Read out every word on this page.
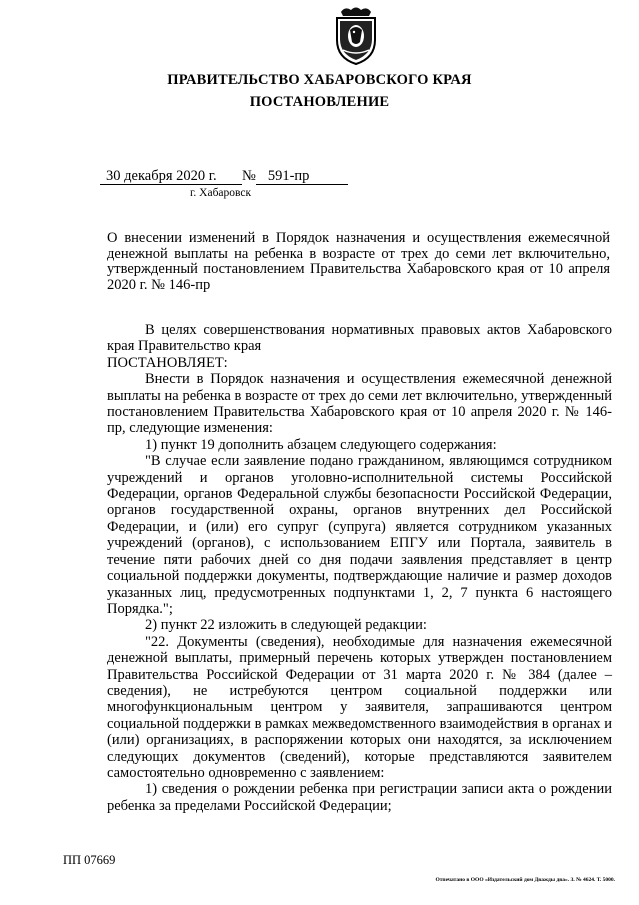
ПРАВИТЕЛЬСТВО ХАБАРОВСКОГО КРАЯ
ПОСТАНОВЛЕНИЕ
30 декабря 2020 г. № 591-пр
г. Хабаровск
О внесении изменений в Порядок назначения и осуществления ежемесячной денежной выплаты на ребенка в возрасте от трех до семи лет включительно, утвержденный постановлением Правительства Хабаровского края от 10 апреля 2020 г. № 146-пр

В целях совершенствования нормативных правовых актов Хабаровского края Правительство края

ПОСТАНОВЛЯЕТ:

Внести в Порядок назначения и осуществления ежемесячной денежной выплаты на ребенка в возрасте от трех до семи лет включительно, утвержденный постановлением Правительства Хабаровского края от 10 апреля 2020 г. № 146-пр, следующие изменения:

1) пункт 19 дополнить абзацем следующего содержания:

"В случае если заявление подано гражданином, являющимся сотрудником учреждений и органов уголовно-исполнительной системы Российской Федерации, органов Федеральной службы безопасности Российской Федерации, органов государственной охраны, органов внутренних дел Российской Федерации, и (или) его супруг (супруга) является сотрудником указанных учреждений (органов), с использованием ЕПГУ или Портала, заявитель в течение пяти рабочих дней со дня подачи заявления представляет в центр социальной поддержки документы, подтверждающие наличие и размер доходов указанных лиц, предусмотренных подпунктами 1, 2, 7 пункта 6 настоящего Порядка.";

2) пункт 22 изложить в следующей редакции:

"22. Документы (сведения), необходимые для назначения ежемесячной денежной выплаты, примерный перечень которых утвержден постановлением Правительства Российской Федерации от 31 марта 2020 г. № 384 (далее – сведения), не истребуются центром социальной поддержки или многофункциональным центром у заявителя, запрашиваются центром социальной поддержки в рамках межведомственного взаимодействия в органах и (или) организациях, в распоряжении которых они находятся, за исключением следующих документов (сведений), которые представляются заявителем самостоятельно одновременно с заявлением:

1) сведения о рождении ребенка при регистрации записи акта о рождении ребенка за пределами Российской Федерации;

ПП 07669
Отпечатано в ООО «Издательский дом Дважды два». З. № 4624. Т. 5000.
